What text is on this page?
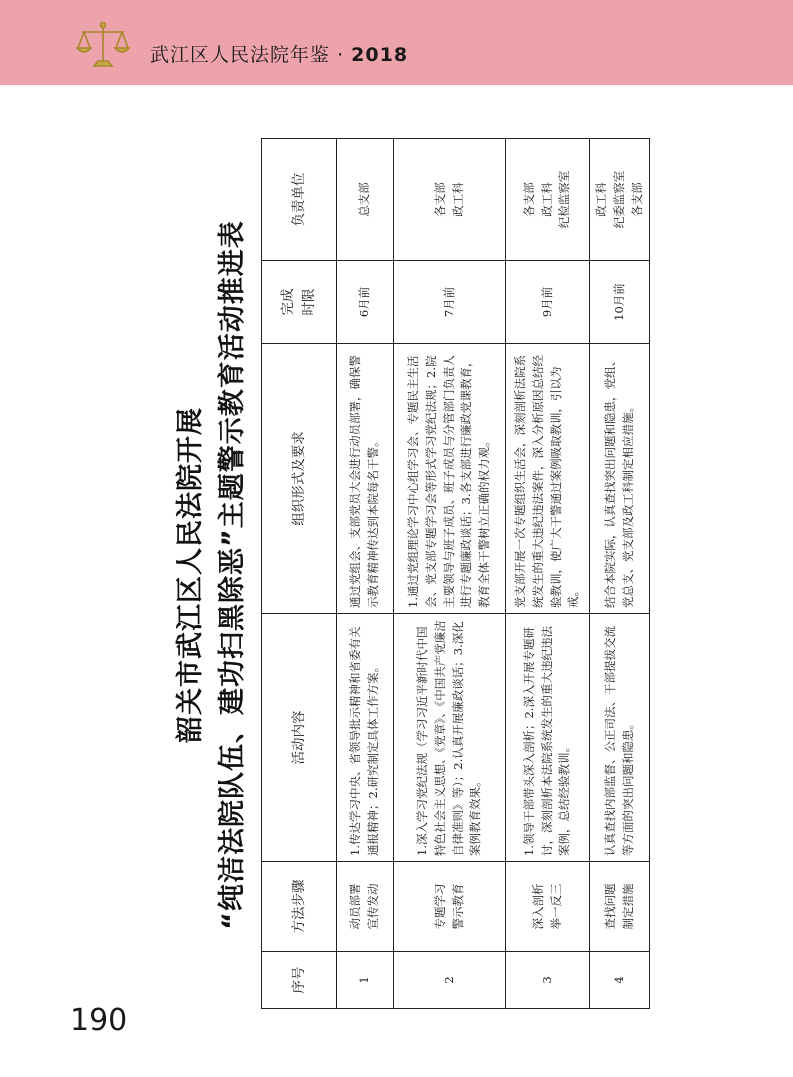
武江区人民法院年鉴 · 2018
韶关市武江区人民法院开展 “纯洁法院队伍、建功扫黑除恶”主题警示教育活动推进表
序号	方法步骤	活动内容	组织形式及要求	完成 时限	负责单位
1	动员部署 宣传发动	1.传达学习中央、省领导批示精神和省委有关通报精神；2.研究制定具体工作方案。	通过党组会、支部党员大会进行动员部署，确保警示教育精神传达到本院每名干警。	6月前	总支部

2	专题学习 警示教育	1.深入学习党纪法规（学习习近平新时代中国特色社会主义思想、《党章》、《中国共产党廉洁自律准则》等）；2.认真开展廉政谈话；3.深化案例教育效果。	1.通过党组理论学习中心组学习会、专题民主生活会、党支部专题学习会等形式学习党纪法规；2.院主要领导与班子成员、班子成员与分管部门负责人进行专题廉政谈话；3.各支部进行廉政党课教育，教育全体干警树立正确的权力观。	7月前	各支部 政工科

3	深入剖析 举一反三	1.领导干部带头深入剖析；2.深入开展专题研讨，深刻剖析本法院系统发生的重大违纪违法案例，总结经验教训。	党支部开展一次专题组织生活会，深刻剖析法院系统发生的重大违纪违法案件，深入分析原因总结经验教训，使广大干警通过案例吸取教训，引以为戒。	9月前	各支部 政工科 纪检监察室

4	查找问题 制定措施	认真查找内部监督、公正司法、干部提拔交流等方面的突出问题和隐患。	结合本院实际，认真查找突出问题和隐患，党组、党总支、党支部及政工科制定相应措施。	10月前	政工科 纪委监察室 各支部
190
